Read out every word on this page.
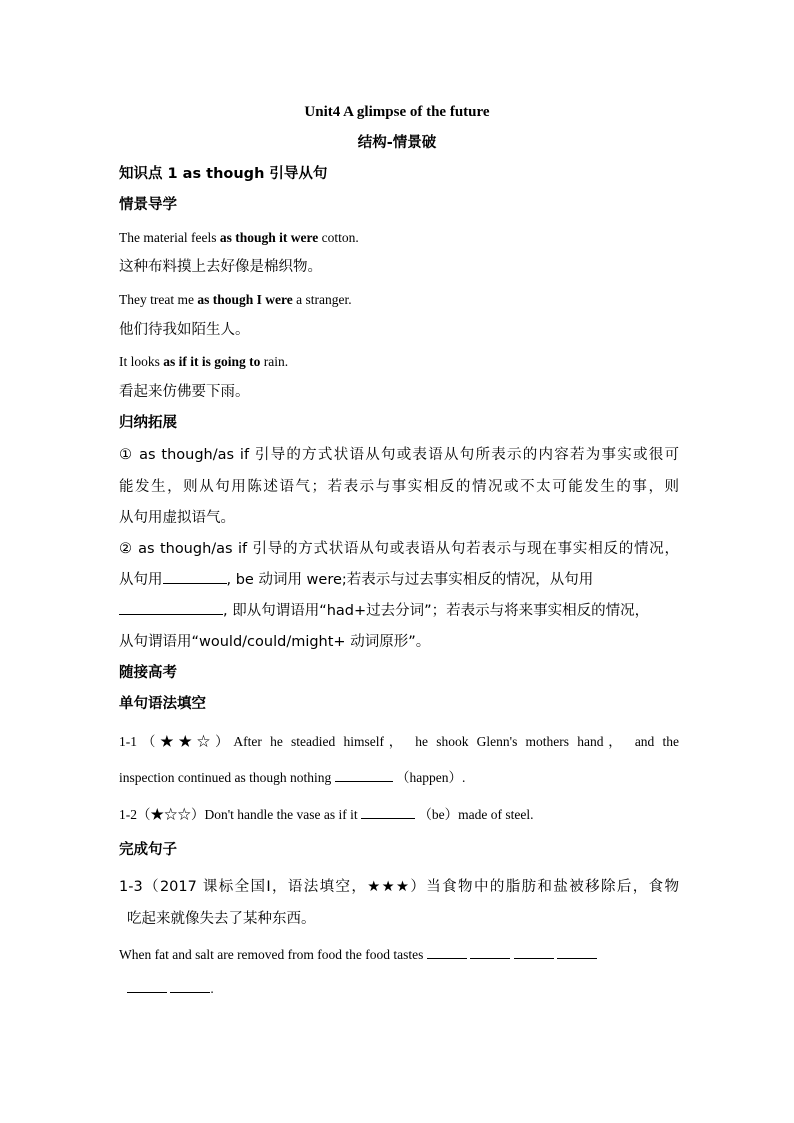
Unit4 A glimpse of the future
结构-情景破
知识点 1 as though 引导从句
情景导学
The material feels as though it were cotton.
这种布料摸上去好像是棉织物。
They treat me as though I were a stranger.
他们待我如陌生人。
It looks as if it is going to rain.
看起来仿佛要下雨。
归纳拓展
① as though/as if 引导的方式状语从句或表语从句所表示的内容若为事实或很可
能发生，则从句用陈述语气；若表示与事实相反的情况或不太可能发生的事，则
从句用虚拟语气。
② as though/as if 引导的方式状语从句或表语从句若表示与现在事实相反的情况，
从句用	, be 动词用 were;若表示与过去事实相反的情况，从句用
, 即从句谓语用“had+过去分词”；若表示与将来事实相反的情况，
从句谓语用“would/could/might+ 动词原形”。
随接高考
单句语法填空
1-1（★★☆）After he steadied himself， he shook Glenn's mothers hand， and the
inspection continued as though nothing	（happen）.
1-2（★☆☆）Don't handle the vase as if it	（be）made of steel.
完成句子
1-3（2017 课标全国Ⅰ，语法填空，★★★）当食物中的脂肪和盐被移除后，食物
吃起来就像失去了某种东西。
When fat and salt are removed from food the food tastes
.
